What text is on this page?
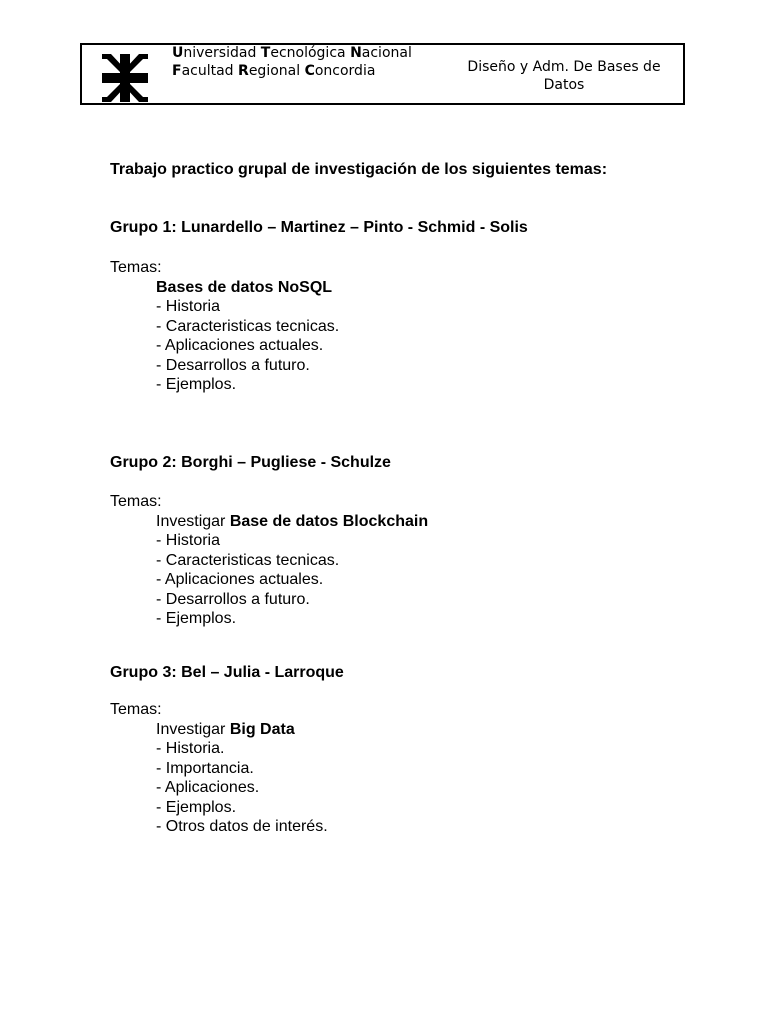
Universidad Tecnológica Nacional
Facultad Regional Concordia	Diseño y Adm. De Bases de Datos

Trabajo practico grupal de investigación de los siguientes temas:

Grupo 1: Lunardello – Martinez – Pinto - Schmid - Solis

Temas:

Bases de datos NoSQL

- Historia

- Caracteristicas tecnicas.

- Aplicaciones actuales.

- Desarrollos a futuro.

- Ejemplos.

Grupo 2: Borghi – Pugliese - Schulze

Temas:

Investigar Base de datos Blockchain

- Historia

- Caracteristicas tecnicas.

- Aplicaciones actuales.

- Desarrollos a futuro.

- Ejemplos.

Grupo 3: Bel – Julia - Larroque

Temas:

Investigar Big Data

- Historia.

- Importancia.

- Aplicaciones.

- Ejemplos.

- Otros datos de interés.
